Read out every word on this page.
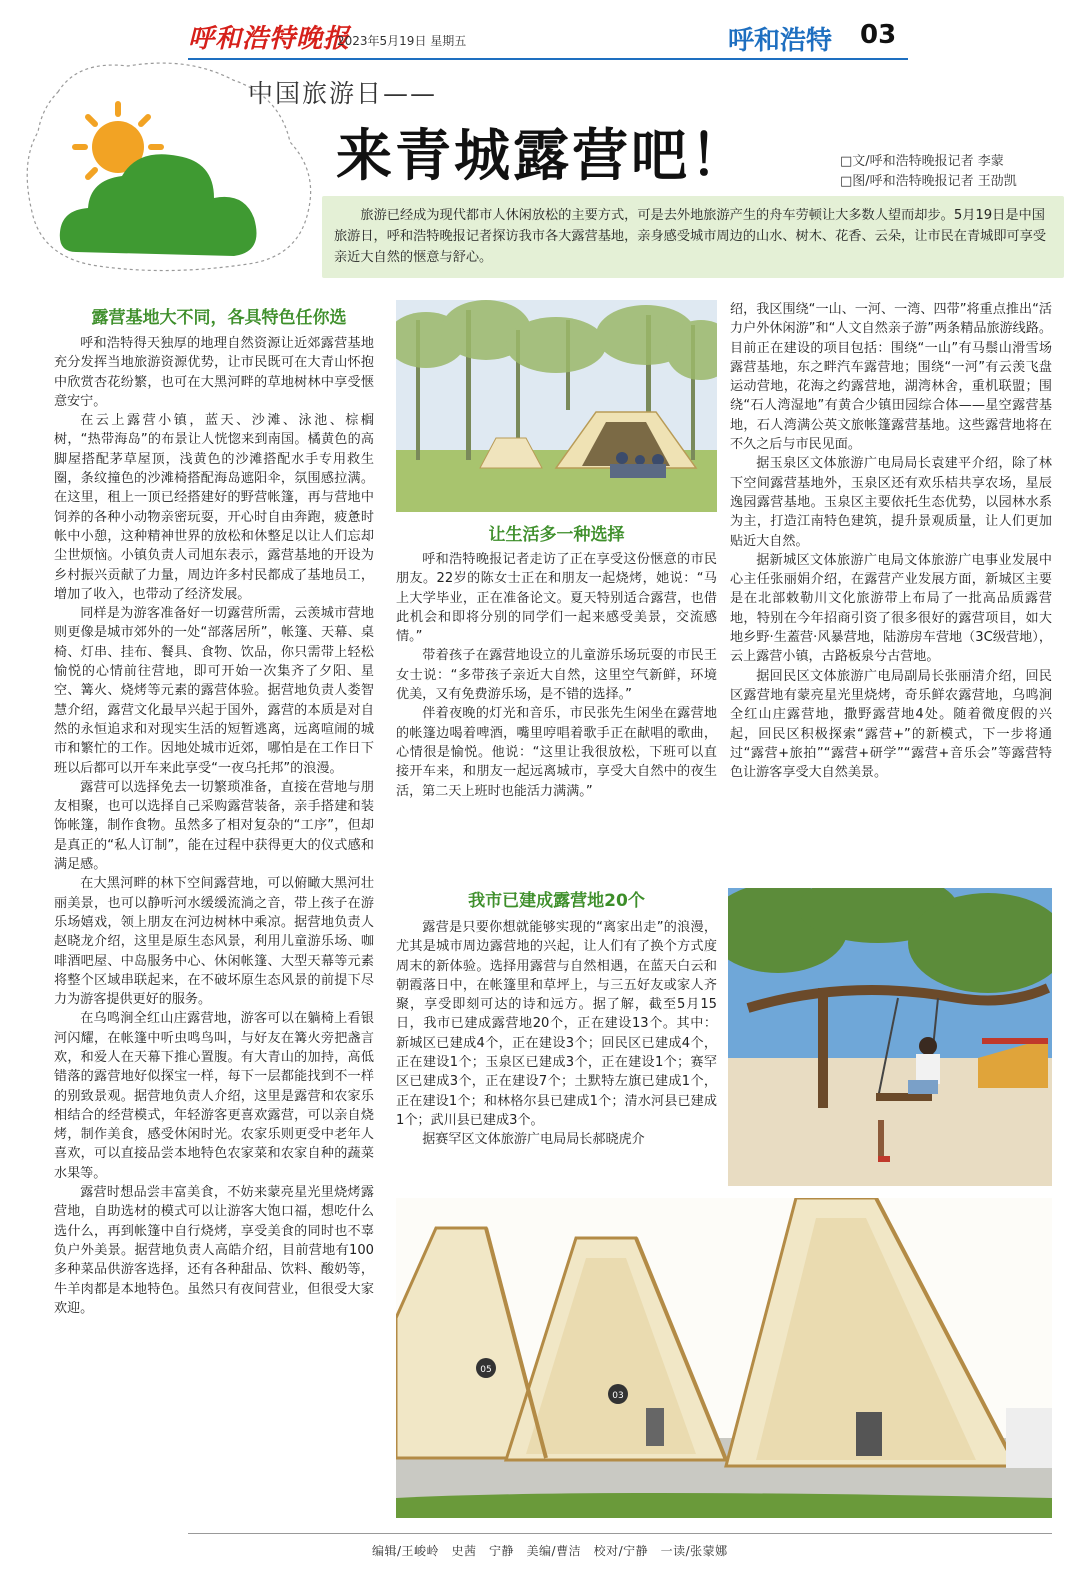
呼和浩特晚报
2023年5月19日 星期五	呼和浩特 03
中国旅游日——
来青城露营吧！	□文/呼和浩特晚报记者 李蒙
□图/呼和浩特晚报记者 王劭凯
旅游已经成为现代都市人休闲放松的主要方式，可是去外地旅游产生的舟车劳顿让大多数人望而却步。5月19日是中国旅游日，呼和浩特晚报记者探访我市各大露营基地，亲身感受城市周边的山水、树木、花香、云朵，让市民在青城即可享受亲近大自然的惬意与舒心。
露营基地大不同，各具特色任你选

呼和浩特得天独厚的地理自然资源让近郊露营基地充分发挥当地旅游资源优势，让市民既可在大青山怀抱中欣赏杏花纷繁，也可在大黑河畔的草地树林中享受惬意安宁。

在云上露营小镇，蓝天、沙滩、泳池、棕榈树，“热带海岛”的布景让人恍惚来到南国。橘黄色的高脚屋搭配茅草屋顶，浅黄色的沙滩搭配水手专用救生圈，条纹撞色的沙滩椅搭配海岛遮阳伞，氛围感拉满。在这里，租上一顶已经搭建好的野营帐篷，再与营地中饲养的各种小动物亲密玩耍，开心时自由奔跑，疲惫时帐中小憩，这种精神世界的放松和休整足以让人们忘却尘世烦恼。小镇负责人司旭东表示，露营基地的开设为乡村振兴贡献了力量，周边许多村民都成了基地员工，增加了收入，也带动了经济发展。

同样是为游客准备好一切露营所需，云羡城市营地则更像是城市郊外的一处“部落居所”，帐篷、天幕、桌椅、灯串、挂布、餐具、食物、饮品，你只需带上轻松愉悦的心情前往营地，即可开始一次集齐了夕阳、星空、篝火、烧烤等元素的露营体验。据营地负责人娄智慧介绍，露营文化最早兴起于国外，露营的本质是对自然的永恒追求和对现实生活的短暂逃离，远离喧闹的城市和繁忙的工作。因地处城市近郊，哪怕是在工作日下班以后都可以开车来此享受“一夜乌托邦”的浪漫。

露营可以选择免去一切繁琐准备，直接在营地与朋友相聚，也可以选择自己采购露营装备，亲手搭建和装饰帐篷，制作食物。虽然多了相对复杂的“工序”，但却是真正的“私人订制”，能在过程中获得更大的仪式感和满足感。

在大黑河畔的林下空间露营地，可以俯瞰大黑河壮丽美景，也可以静听河水缓缓流淌之音，带上孩子在游乐场嬉戏，领上朋友在河边树林中乘凉。据营地负责人赵晓龙介绍，这里是原生态风景，利用儿童游乐场、咖啡酒吧屋、中岛服务中心、休闲帐篷、大型天幕等元素将整个区域串联起来，在不破坏原生态风景的前提下尽力为游客提供更好的服务。

在乌鸣涧全红山庄露营地，游客可以在躺椅上看银河闪耀，在帐篷中听虫鸣鸟叫，与好友在篝火旁把盏言欢，和爱人在天幕下推心置腹。有大青山的加持，高低错落的露营地好似探宝一样，每下一层都能找到不一样的别致景观。据营地负责人介绍，这里是露营和农家乐相结合的经营模式，年轻游客更喜欢露营，可以亲自烧烤，制作美食，感受休闲时光。农家乐则更受中老年人喜欢，可以直接品尝本地特色农家菜和农家自种的蔬菜水果等。

露营时想品尝丰富美食，不妨来蒙亮星光里烧烤露营地，自助选材的模式可以让游客大饱口福，想吃什么选什么，再到帐篷中自行烧烤，享受美食的同时也不辜负户外美景。据营地负责人高皓介绍，目前营地有100多种菜品供游客选择，还有各种甜品、饮料、酸奶等，牛羊肉都是本地特色。虽然只有夜间营业，但很受大家欢迎。

让生活多一种选择

呼和浩特晚报记者走访了正在享受这份惬意的市民朋友。22岁的陈女士正在和朋友一起烧烤，她说：“马上大学毕业，正在准备论文。夏天特别适合露营，也借此机会和即将分别的同学们一起来感受美景，交流感情。”

带着孩子在露营地设立的儿童游乐场玩耍的市民王女士说：“多带孩子亲近大自然，这里空气新鲜，环境优美，又有免费游乐场，是不错的选择。”

伴着夜晚的灯光和音乐，市民张先生闲坐在露营地的帐篷边喝着啤酒，嘴里哼唱着歌手正在献唱的歌曲，心情很是愉悦。他说：“这里让我很放松，下班可以直接开车来，和朋友一起远离城市，享受大自然中的夜生活，第二天上班时也能活力满满。”

我市已建成露营地20个

露营是只要你想就能够实现的“离家出走”的浪漫，尤其是城市周边露营地的兴起，让人们有了换个方式度周末的新体验。选择用露营与自然相遇，在蓝天白云和朝霞落日中，在帐篷里和草坪上，与三五好友或家人齐聚，享受即刻可达的诗和远方。据了解，截至5月15日，我市已建成露营地20个，正在建设13个。其中：新城区已建成4个，正在建设3个；回民区已建成4个，正在建设1个；玉泉区已建成3个，正在建设1个；赛罕区已建成3个，正在建设7个；土默特左旗已建成1个，正在建设1个；和林格尔县已建成1个；清水河县已建成1个；武川县已建成3个。

据赛罕区文体旅游广电局局长郝晓虎介

绍，我区围绕“一山、一河、一湾、四带”将重点推出“活力户外休闲游”和“人文自然亲子游”两条精品旅游线路。目前正在建设的项目包括：围绕“一山”有马鬃山滑雪场露营基地，东之畔汽车露营地；围绕“一河”有云羡飞盘运动营地，花海之约露营地，湖湾林舍，重机联盟；围绕“石人湾湿地”有黄合少镇田园综合体——星空露营基地，石人湾满公英文旅帐篷露营基地。这些露营地将在不久之后与市民见面。

据玉泉区文体旅游广电局局长袁建平介绍，除了林下空间露营基地外，玉泉区还有欢乐桔共享农场，星辰逸园露营基地。玉泉区主要依托生态优势，以园林水系为主，打造江南特色建筑，提升景观质量，让人们更加贴近大自然。

据新城区文体旅游广电局文体旅游广电事业发展中心主任张丽娟介绍，在露营产业发展方面，新城区主要是在北部敕勒川文化旅游带上布局了一批高品质露营地，特别在今年招商引资了很多很好的露营项目，如大地乡野·生蓋营·风暴营地，陆游房车营地（3C级营地），云上露营小镇，古路板泉兮古营地。

据回民区文体旅游广电局副局长张丽清介绍，回民区露营地有蒙亮星光里烧烤，奇乐鲜农露营地，乌鸣涧全红山庄露营地，撒野露营地4处。随着微度假的兴起，回民区积极探索“露营+”的新模式，下一步将通过“露营+旅拍”“露营+研学”“露营+音乐会”等露营特色让游客享受大自然美景。

05
03
编辑/王峻岭　史茜　宁静　美编/曹洁　校对/宁静　一读/张蒙娜
